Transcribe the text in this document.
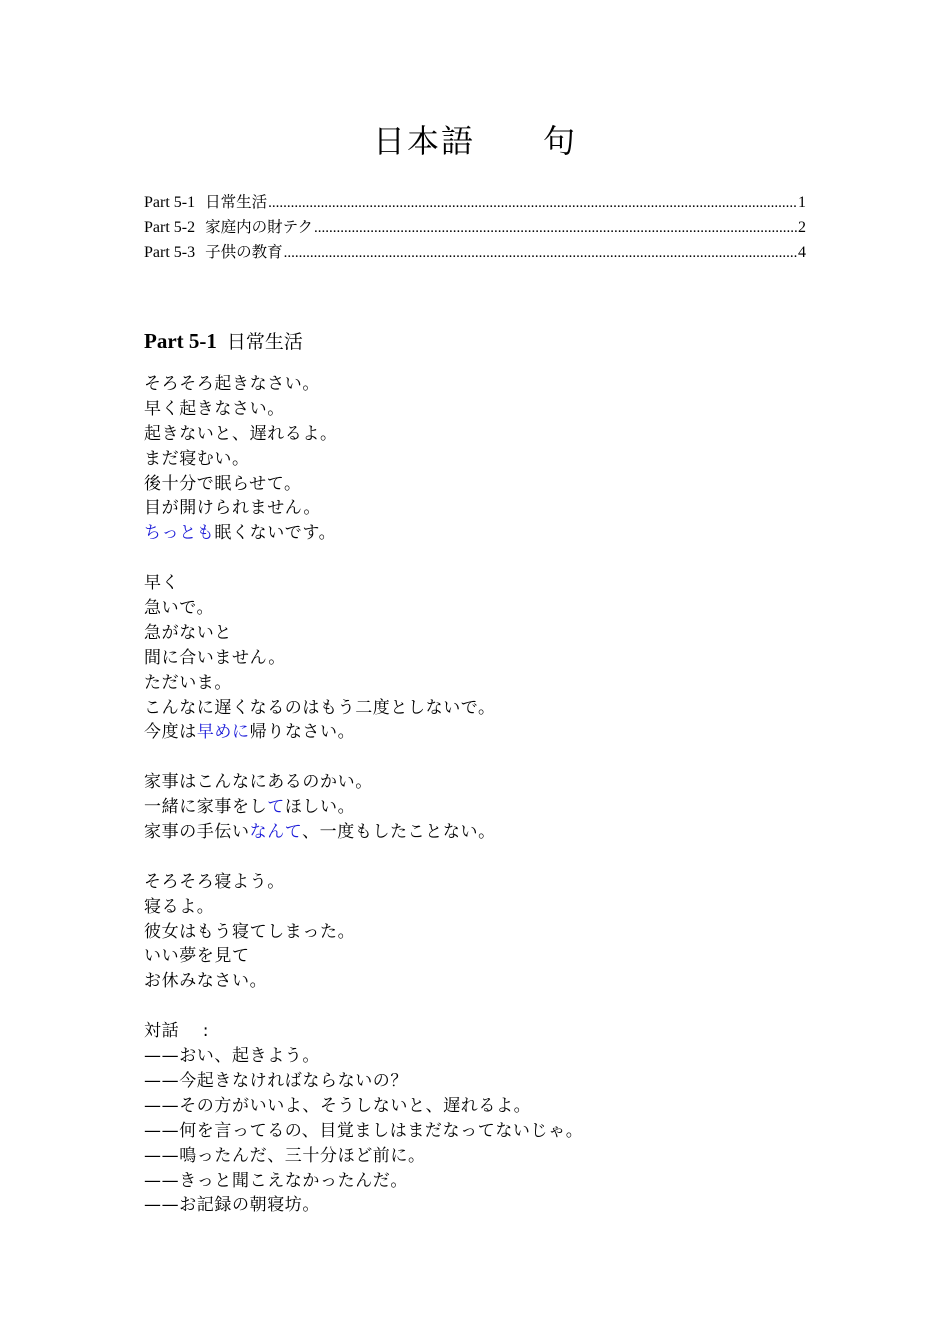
日本語 句
Part 5-1 日常生活 .....	1
Part 5-2 家庭内の財テク .....	2
Part 5-3 子供の教育 .....	4
Part 5-1 日常生活
そろそろ起きなさい。
早く起きなさい。
起きないと、遅れるよ。
まだ寝むい。
後十分で眠らせて。
目が開けられません。
ちっとも眠くないです。
早く
急いで。
急がないと
間に合いません。
ただいま。
こんなに遅くなるのはもう二度としないで。
今度は早めに帰りなさい。
家事はこんなにあるのかい。
一緒に家事をしてほしい。
家事の手伝いなんて、一度もしたことない。
そろそろ寝よう。
寝るよ。
彼女はもう寝てしまった。
いい夢を見て
お休みなさい。
対話 　:
——おい、起きよう。
——今起きなければならないの？
——その方がいいよ、そうしないと、遅れるよ。
——何を言ってるの、目覚ましはまだなってないじゃ。
——鳴ったんだ、三十分ほど前に。
——きっと聞こえなかったんだ。
——お記録の朝寝坊。
